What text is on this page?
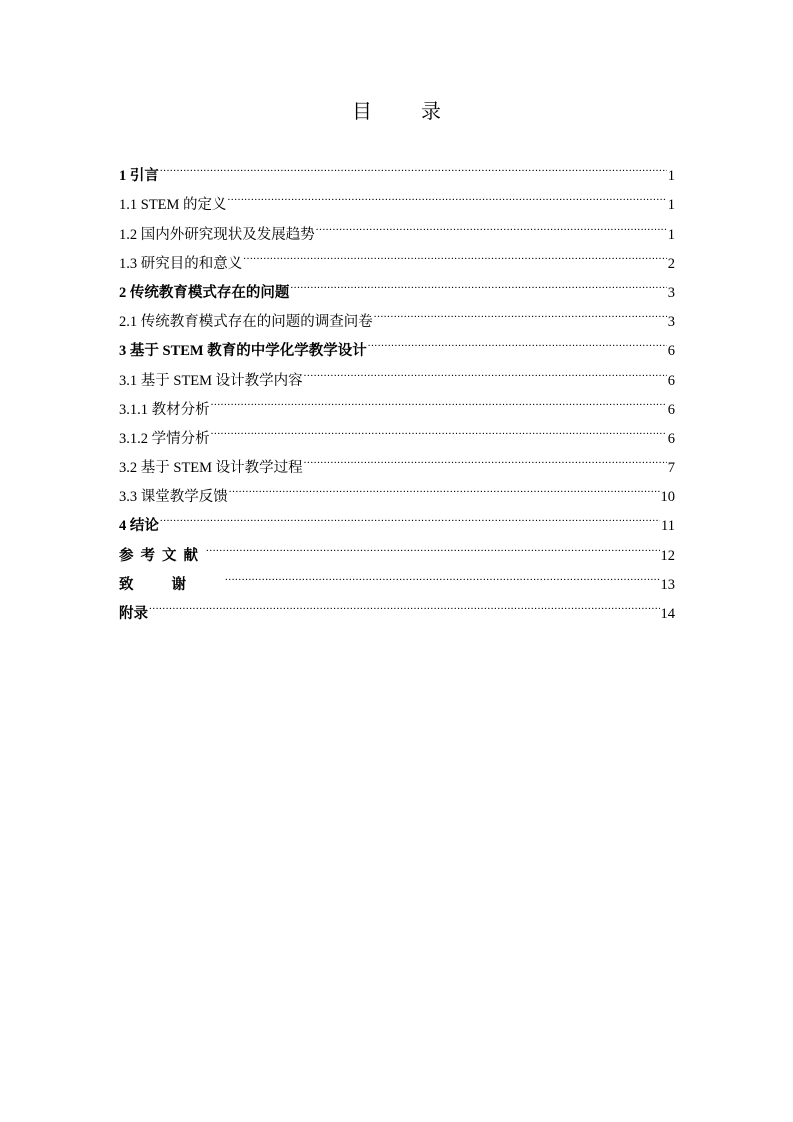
目 录
1 引言 .....	1
1.1 STEM 的定义 .....	1
1.2 国内外研究现状及发展趋势 .....	1
1.3 研究目的和意义 .....	2
2 传统教育模式存在的问题 .....	3
2.1 传统教育模式存在的问题的调查问卷 .....	3
3 基于 STEM 教育的中学化学教学设计 .....	6
3.1 基于 STEM 设计教学内容 .....	6
3.1.1 教材分析 .....	6
3.1.2 学情分析 .....	6
3.2 基于 STEM 设计教学过程 .....	7
3.3 课堂教学反馈 .....	10
4 结论 .....	11
参考文献 .....	12
致谢 .....	13
附录 .....	14
